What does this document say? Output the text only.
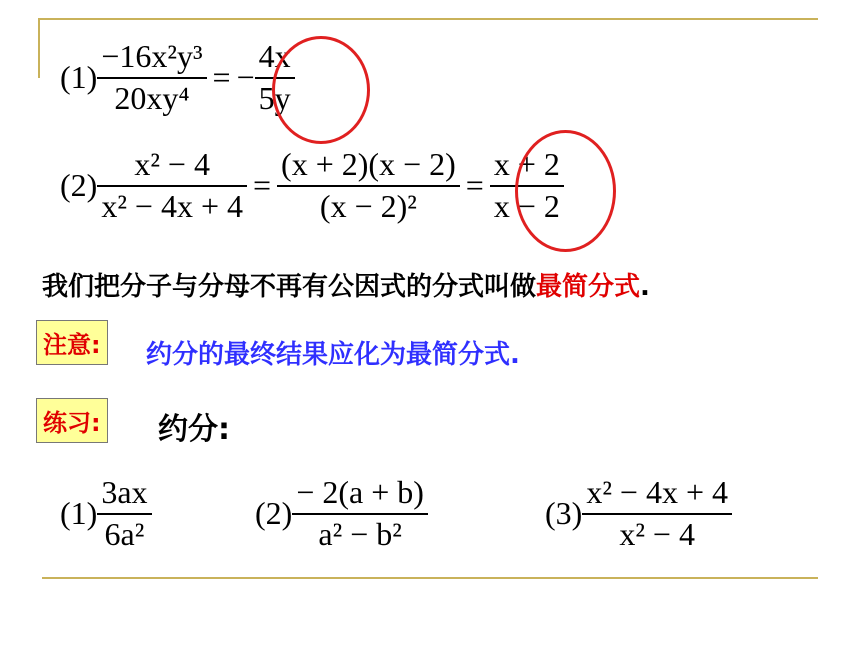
$(1) \frac{\text{−16x²y³}}{\text{20xy⁴}}$ = − $\frac{4x}{5y}$
$(2) \frac{\text{x² − 4}}{\text{x² − 4x + 4}} = \frac{(x + 2)(x - 2)}{\text{(x − 2)²}} = \frac{x + 2}{x - 2}$
我们把分子与分母不再有公因式的分式叫做最简分式.
注意: 约分的最终结果应化为最简分式.
练习: 约分:
$(1) \frac{3ax}{\text{6a²}}$	$(2) \frac{- 2(a + b)}{\text{a² − b²}}$	$(3) \frac{\text{x² − 4x + 4}}{\text{x² − 4}}$
